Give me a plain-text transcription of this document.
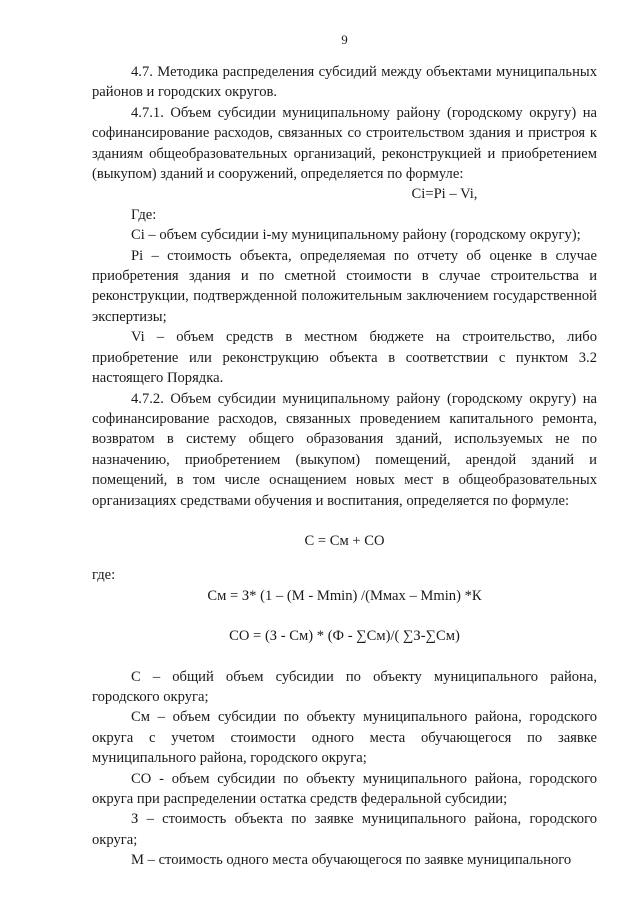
9

4.7. Методика распределения субсидий между объектами муниципальных районов и городских округов.

4.7.1. Объем субсидии муниципальному району (городскому округу) на софинансирование расходов, связанных со строительством здания и пристроя к зданиям общеобразовательных организаций, реконструкцией и приобретением (выкупом) зданий и сооружений, определяется по формуле:

Ci=Pi – Vi,

Где:

Ci – объем субсидии i-му муниципальному району (городскому округу);

Pi – стоимость объекта, определяемая по отчету об оценке в случае приобретения здания и по сметной стоимости в случае строительства и реконструкции, подтвержденной положительным заключением государственной экспертизы;

Vi – объем средств в местном бюджете на строительство, либо приобретение или реконструкцию объекта в соответствии с пунктом 3.2 настоящего Порядка.

4.7.2. Объем субсидии муниципальному району (городскому округу) на софинансирование расходов, связанных проведением капитального ремонта, возвратом в систему общего образования зданий, используемых не по назначению, приобретением (выкупом) помещений, арендой зданий и помещений, в том числе оснащением новых мест в общеобразовательных организациях средствами обучения и воспитания, определяется по формуле:

С = См + СО

где:

См = З* (1 – (М - Mmin) /(Ммах – Mmin) *К

СО = (З - См) * (Ф - ∑См)/( ∑З-∑См)

С – общий объем субсидии по объекту муниципального района, городского округа;

См – объем субсидии по объекту муниципального района, городского округа с учетом стоимости одного места обучающегося по заявке муниципального района, городского округа;

СО - объем субсидии по объекту муниципального района, городского округа при распределении остатка средств федеральной субсидии;

З – стоимость объекта по заявке муниципального района, городского округа;

М – стоимость одного места обучающегося по заявке муниципального
